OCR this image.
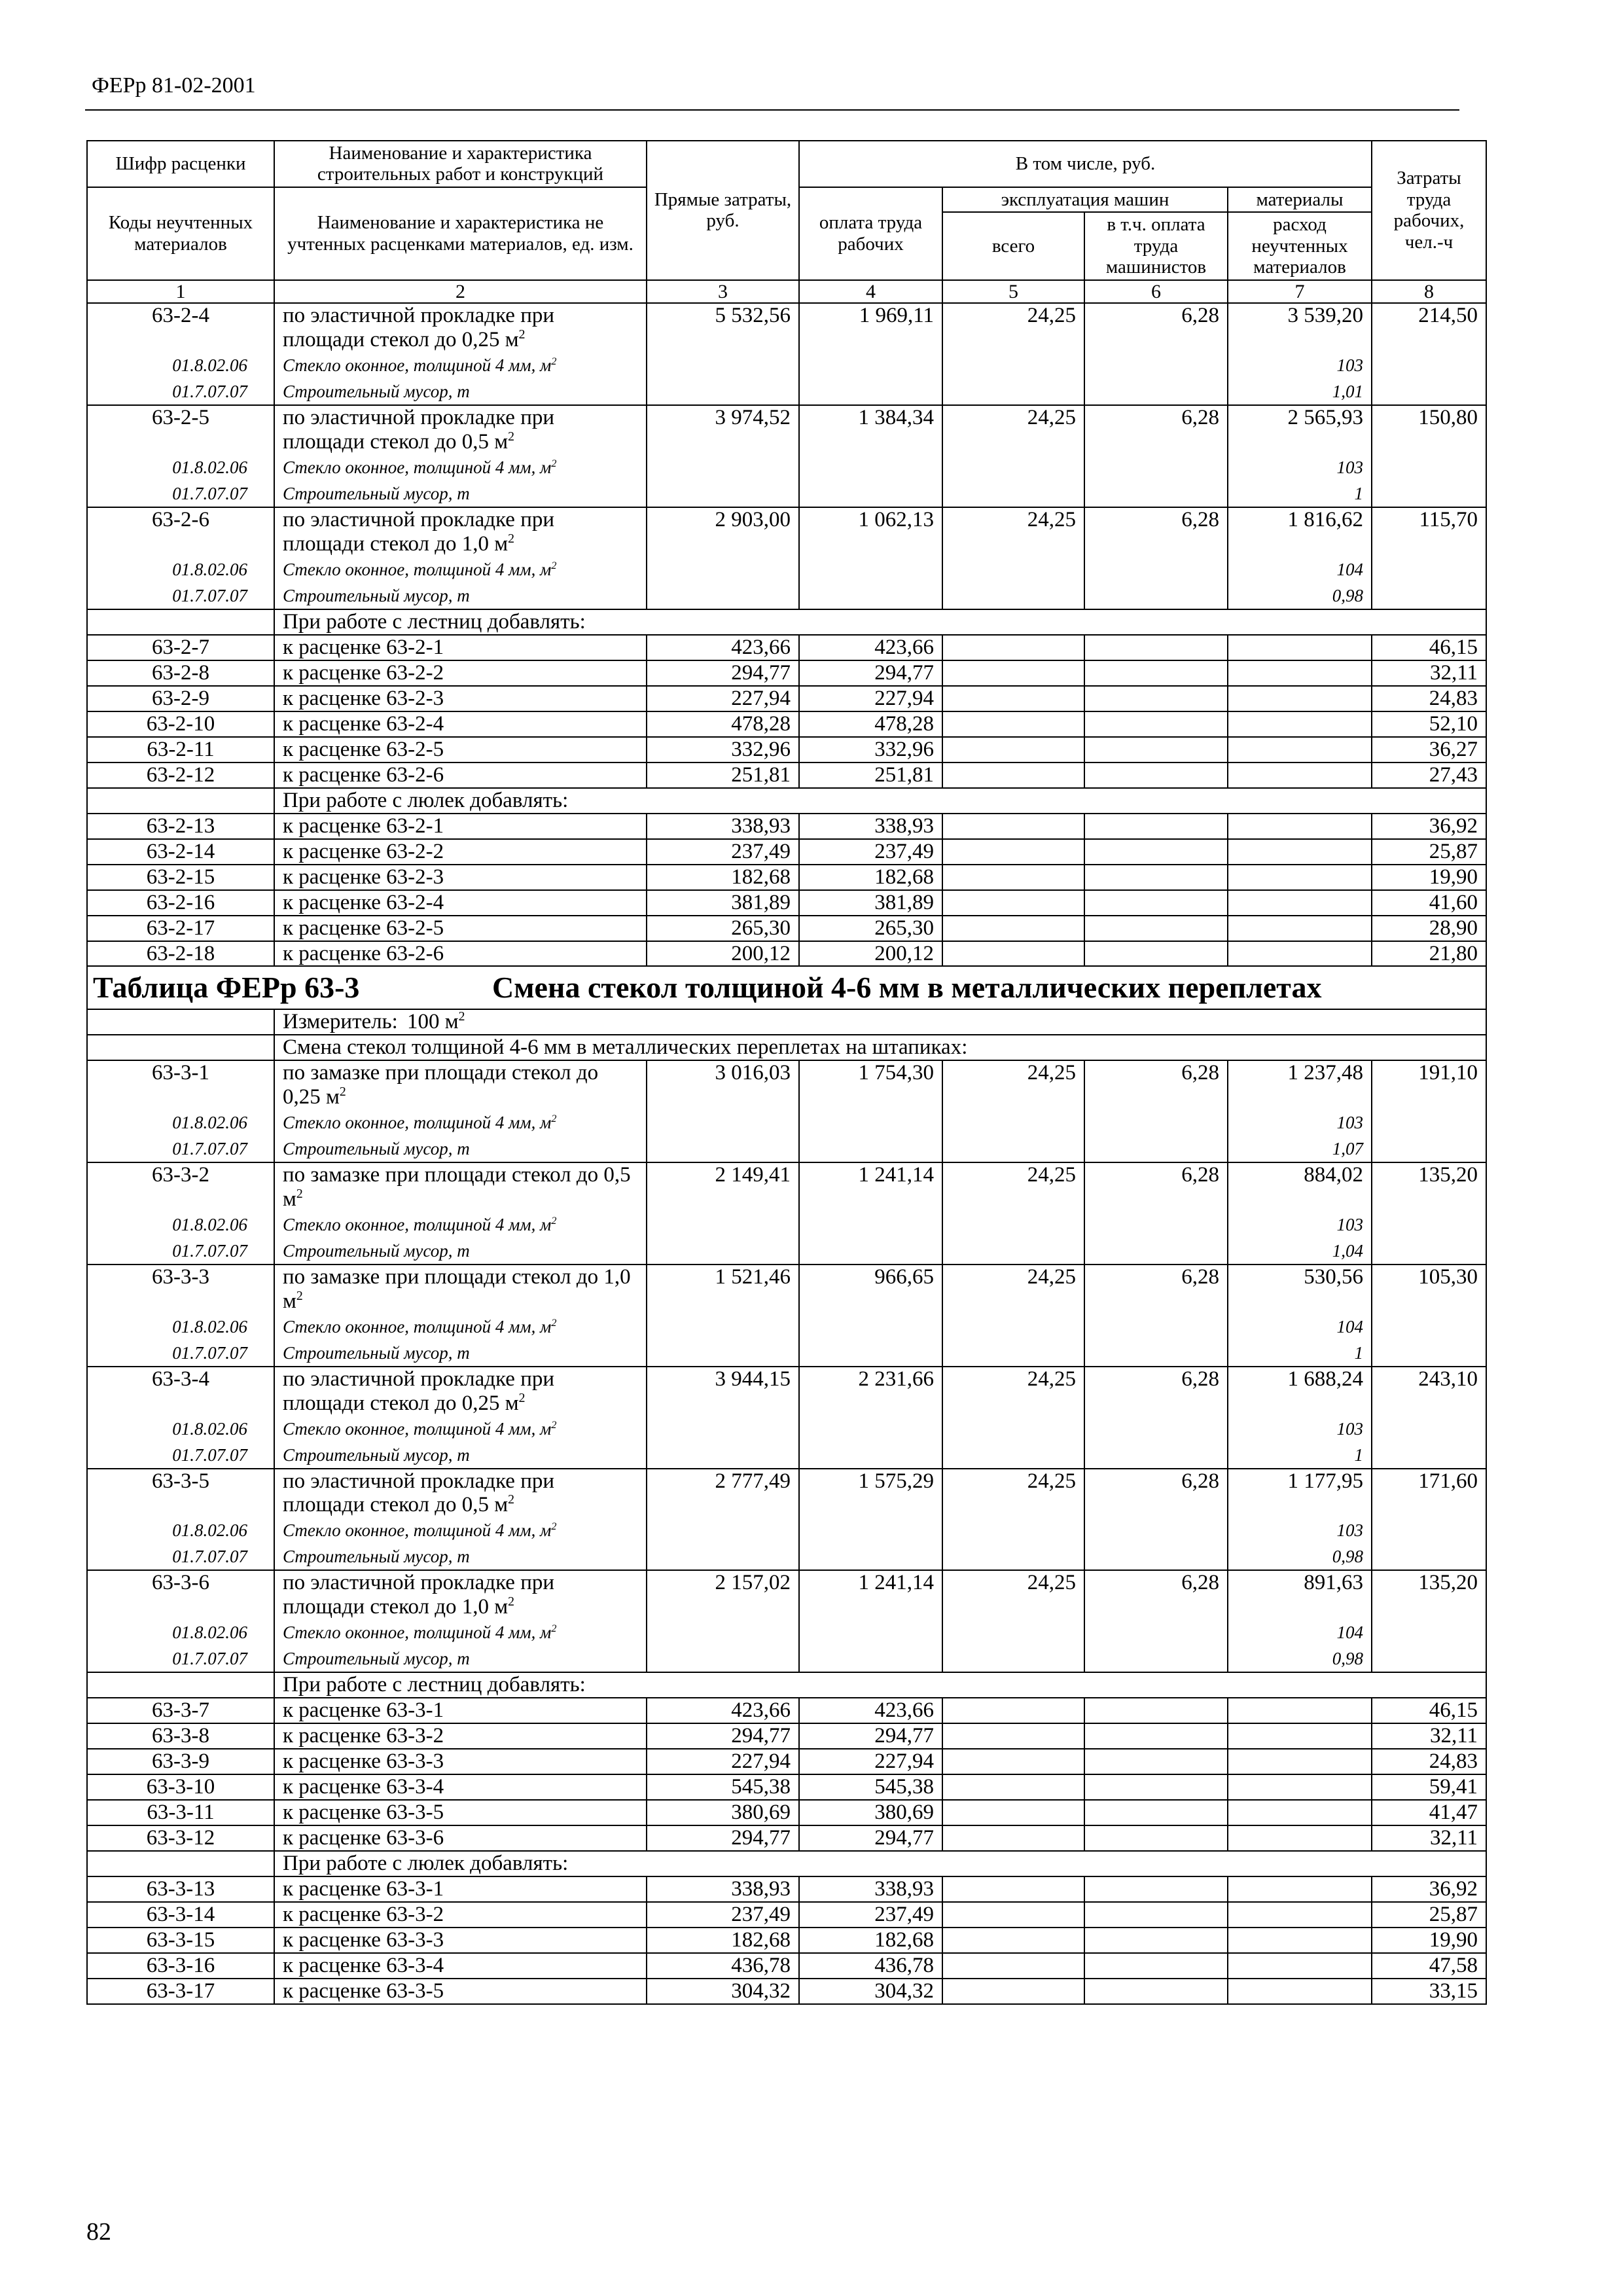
ФЕРр 81-02-2001
Шифр расценки	Наименование и характеристика строительных работ и конструкций	Прямые затраты, руб.	В том числе, руб.				Затраты труда рабочих, чел.-ч
Коды неучтенных материалов	Наименование и характеристика не учтенных расценками материалов, ед. изм.		оплата труда рабочих	эксплуатация машин		материалы	
				всего	в т.ч. оплата труда машинистов	расход неучтенных материалов	
1	2	3	4	5	6	7	8
63-2-4	по эластичной прокладке при площади стекол до 0,25 $м^2$	5 532,56	1 969,11	24,25	6,28	3 539,20	214,50
01.8.02.06	Стекло оконное, толщиной 4 мм, $м^2$					103	
01.7.07.07	Строительный мусор, т					1,01	
63-2-5	по эластичной прокладке при площади стекол до 0,5 $м^2$	3 974,52	1 384,34	24,25	6,28	2 565,93	150,80
01.8.02.06	Стекло оконное, толщиной 4 мм, $м^2$					103	
01.7.07.07	Строительный мусор, т					1	
63-2-6	по эластичной прокладке при площади стекол до 1,0 $м^2$	2 903,00	1 062,13	24,25	6,28	1 816,62	115,70
01.8.02.06	Стекло оконное, толщиной 4 мм, $м^2$					104	
01.7.07.07	Строительный мусор, т					0,98	
	При работе с лестниц добавлять:						
63-2-7	к расценке 63-2-1	423,66	423,66				46,15
63-2-8	к расценке 63-2-2	294,77	294,77				32,11
63-2-9	к расценке 63-2-3	227,94	227,94				24,83
63-2-10	к расценке 63-2-4	478,28	478,28				52,10
63-2-11	к расценке 63-2-5	332,96	332,96				36,27
63-2-12	к расценке 63-2-6	251,81	251,81				27,43
	При работе с люлек добавлять:						
63-2-13	к расценке 63-2-1	338,93	338,93				36,92
63-2-14	к расценке 63-2-2	237,49	237,49				25,87
63-2-15	к расценке 63-2-3	182,68	182,68				19,90
63-2-16	к расценке 63-2-4	381,89	381,89				41,60
63-2-17	к расценке 63-2-5	265,30	265,30				28,90
63-2-18	к расценке 63-2-6	200,12	200,12				21,80
Таблица ФЕРр 63-3 Смена стекол толщиной 4-6 мм в металлических переплетах							
	Измеритель: 100 $м^2$
	Смена стекол толщиной 4-6 мм в металлических переплетах на штапиках:						
63-3-1	по замазке при площади стекол до 0,25 $м^2$	3 016,03	1 754,30	24,25	6,28	1 237,48	191,10
01.8.02.06	Стекло оконное, толщиной 4 мм, $м^2$					103	
01.7.07.07	Строительный мусор, т					1,07	
63-3-2	по замазке при площади стекол до 0,5 $м^2$	2 149,41	1 241,14	24,25	6,28	884,02	135,20
01.8.02.06	Стекло оконное, толщиной 4 мм, $м^2$					103	
01.7.07.07	Строительный мусор, т					1,04	
63-3-3	по замазке при площади стекол до 1,0 $м^2$	1 521,46	966,65	24,25	6,28	530,56	105,30
01.8.02.06	Стекло оконное, толщиной 4 мм, $м^2$					104	
01.7.07.07	Строительный мусор, т					1	
63-3-4	по эластичной прокладке при площади стекол до 0,25 $м^2$	3 944,15	2 231,66	24,25	6,28	1 688,24	243,10
01.8.02.06	Стекло оконное, толщиной 4 мм, $м^2$					103	
01.7.07.07	Строительный мусор, т					1	
63-3-5	по эластичной прокладке при площади стекол до 0,5 $м^2$	2 777,49	1 575,29	24,25	6,28	1 177,95	171,60
01.8.02.06	Стекло оконное, толщиной 4 мм, $м^2$					103	
01.7.07.07	Строительный мусор, т					0,98	
63-3-6	по эластичной прокладке при площади стекол до 1,0 $м^2$	2 157,02	1 241,14	24,25	6,28	891,63	135,20
01.8.02.06	Стекло оконное, толщиной 4 мм, $м^2$					104	
01.7.07.07	Строительный мусор, т					0,98	
	При работе с лестниц добавлять:						
63-3-7	к расценке 63-3-1	423,66	423,66				46,15
63-3-8	к расценке 63-3-2	294,77	294,77				32,11
63-3-9	к расценке 63-3-3	227,94	227,94				24,83
63-3-10	к расценке 63-3-4	545,38	545,38				59,41
63-3-11	к расценке 63-3-5	380,69	380,69				41,47
63-3-12	к расценке 63-3-6	294,77	294,77				32,11
	При работе с люлек добавлять:						
63-3-13	к расценке 63-3-1	338,93	338,93				36,92
63-3-14	к расценке 63-3-2	237,49	237,49				25,87
63-3-15	к расценке 63-3-3	182,68	182,68				19,90
63-3-16	к расценке 63-3-4	436,78	436,78				47,58
63-3-17	к расценке 63-3-5	304,32	304,32				33,15
82
